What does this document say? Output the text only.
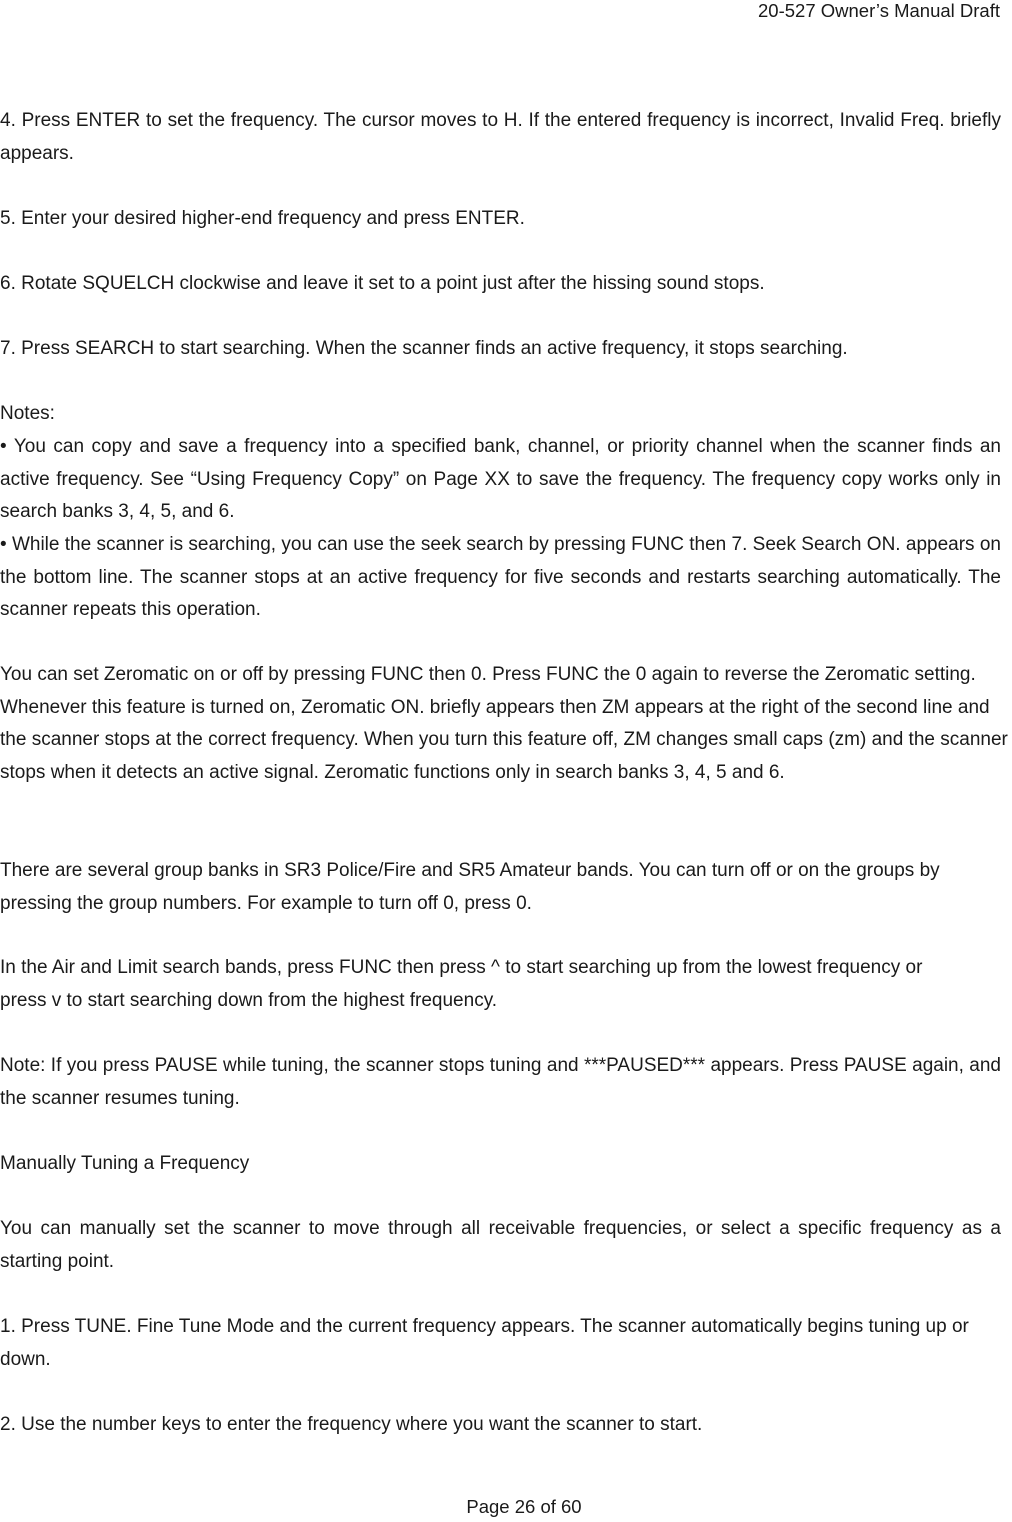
20-527 Owner’s Manual Draft

4. Press ENTER to set the frequency. The cursor moves to H. If the entered frequency is incorrect, Invalid Freq. briefly appears.

5. Enter your desired higher-end frequency and press ENTER.

6. Rotate SQUELCH clockwise and leave it set to a point just after the hissing sound stops.

7. Press SEARCH to start searching. When the scanner finds an active frequency, it stops searching.

Notes:

• You can copy and save a frequency into a specified bank, channel, or priority channel when the scanner finds an active frequency. See “Using Frequency Copy” on Page XX to save the frequency. The frequency copy works only in search banks 3, 4, 5, and 6.

• While the scanner is searching, you can use the seek search by pressing FUNC then 7. Seek Search ON. appears on the bottom line. The scanner stops at an active frequency for five seconds and restarts searching automatically. The scanner repeats this operation.

You can set Zeromatic on or off by pressing FUNC then 0. Press FUNC the 0 again to reverse the Zeromatic setting. Whenever this feature is turned on, Zeromatic ON. briefly appears then ZM appears at the right of the second line and the scanner stops at the correct frequency. When you turn this feature off, ZM changes small caps (zm) and the scanner stops when it detects an active signal. Zeromatic functions only in search banks 3, 4, 5 and 6.

There are several group banks in SR3 Police/Fire and SR5 Amateur bands. You can turn off or on the groups by pressing the group numbers. For example to turn off 0, press 0.

In the Air and Limit search bands, press FUNC then press ^ to start searching up from the lowest frequency or press v to start searching down from the highest frequency.

Note: If you press PAUSE while tuning, the scanner stops tuning and ***PAUSED*** appears. Press PAUSE again, and the scanner resumes tuning.

Manually Tuning a Frequency

You can manually set the scanner to move through all receivable frequencies, or select a specific frequency as a starting point.

1. Press TUNE. Fine Tune Mode and the current frequency appears. The scanner automatically begins tuning up or down.

2. Use the number keys to enter the frequency where you want the scanner to start.

Page 26 of 60
